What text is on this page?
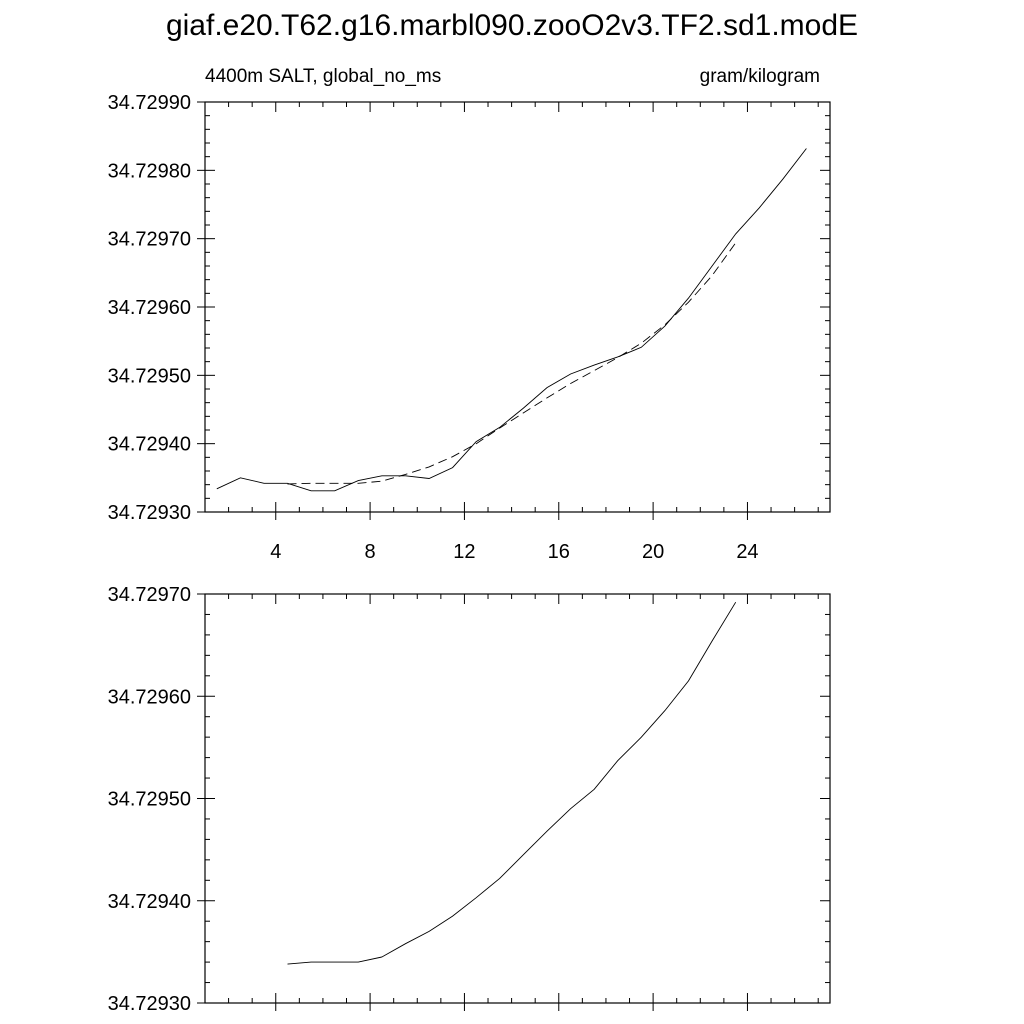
giaf.e20.T62.g16.marbl090.zooO2v3.TF2.sd1.modE
34.72930
34.72940
34.72950
34.72960
34.72970
34.72980
34.72990
4	8	12	16	20	24
4400m SALT, global_no_ms	gram/kilogram
34.72930
34.72940
34.72950
34.72960
34.72970
